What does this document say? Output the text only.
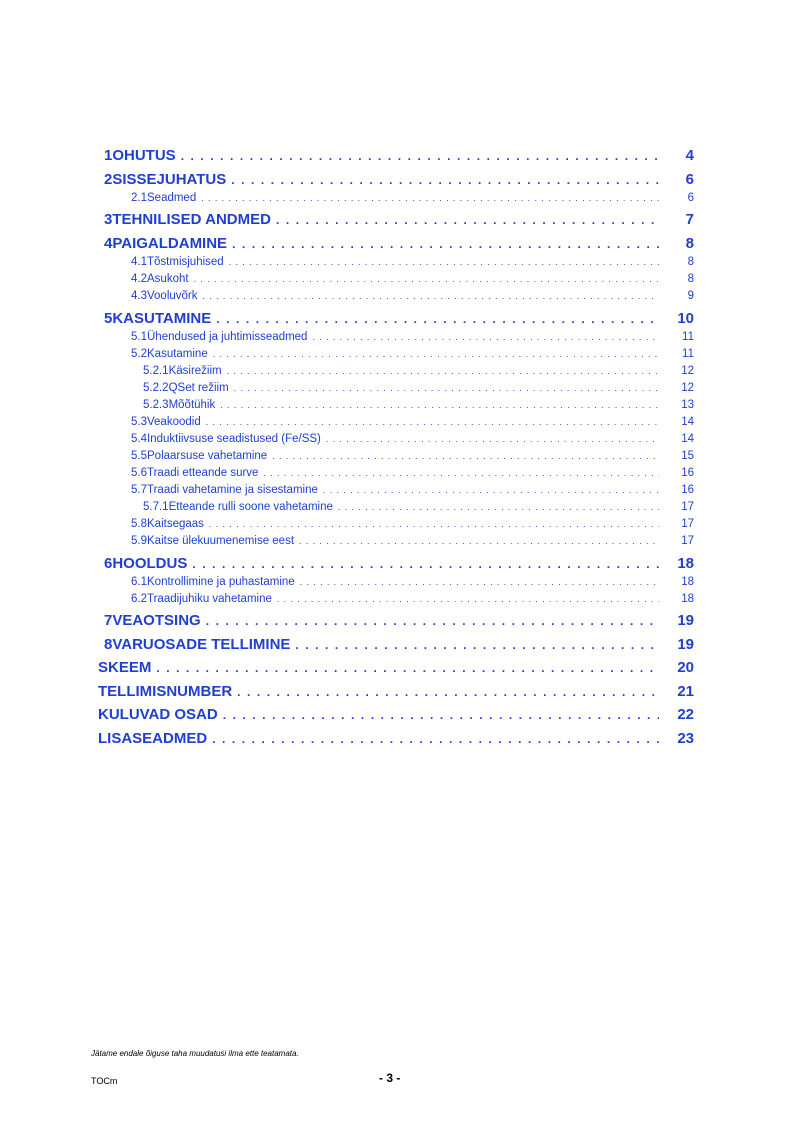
1 OHUTUS . . .	4
2 SISSEJUHATUS . . .	6
2.1 Seadmed . . .	6
3 TEHNILISED ANDMED . . .	7
4 PAIGALDAMINE . . .	8
4.1 Tõstmisjuhised . . .	8
4.2 Asukoht . . .	8
4.3 Vooluvõrk . . .	9
5 KASUTAMINE . . .	10
5.1 Ühendused ja juhtimisseadmed . . .	11
5.2 Kasutamine . . .	11
5.2.1 Käsirežiim . . .	12
5.2.2 QSet režiim . . .	12
5.2.3 Mõõtühik . . .	13
5.3 Veakoodid . . .	14
5.4 Induktiivsuse seadistused (Fe/SS) . . .	14
5.5 Polaarsuse vahetamine . . .	15
5.6 Traadi etteande surve . . .	16
5.7 Traadi vahetamine ja sisestamine . . .	16
5.7.1 Etteande rulli soone vahetamine . . .	17
5.8 Kaitsegaas . . .	17
5.9 Kaitse ülekuumenemise eest . . .	17
6 HOOLDUS . . .	18
6.1 Kontrollimine ja puhastamine . . .	18
6.2 Traadijuhiku vahetamine . . .	18
7 VEAOTSING . . .	19
8 VARUOSADE TELLIMINE . . .	19
SKEEM . . .	20
TELLIMISNUMBER . . .	21
KULUVAD OSAD . . .	22
LISASEADMED . . .	23
Jätame endale õiguse taha muudatusi ilma ette teatamata.
TOCm	- 3 -
